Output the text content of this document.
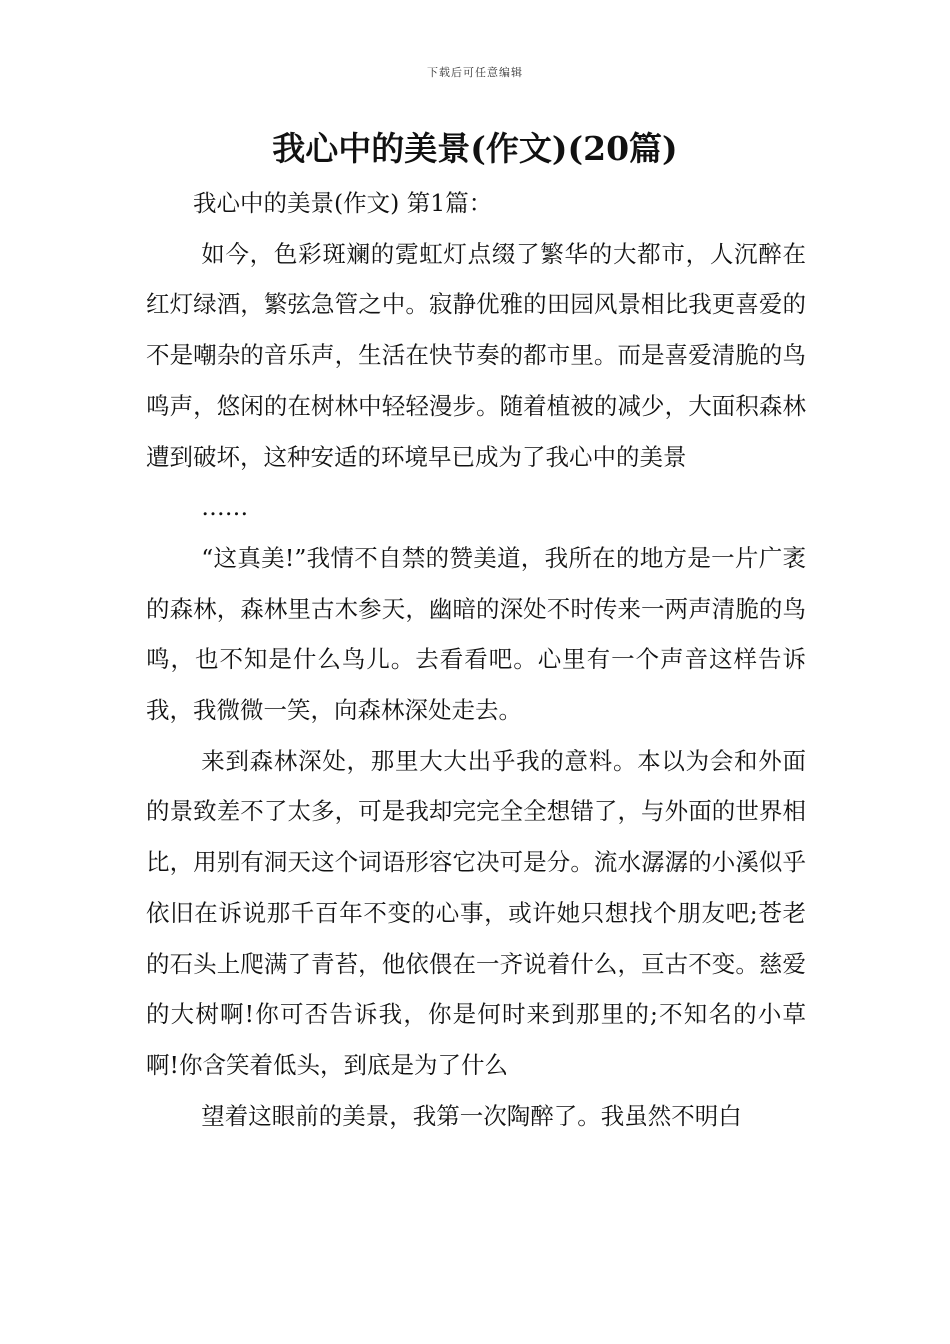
下载后可任意编辑
我心中的美景(作文)(20篇)

我心中的美景(作文) 第1篇：

如今，色彩斑斓的霓虹灯点缀了繁华的大都市，人沉醉在红灯绿酒，繁弦急管之中。寂静优雅的田园风景相比我更喜爱的不是嘲杂的音乐声，生活在快节奏的都市里。而是喜爱清脆的鸟鸣声，悠闲的在树林中轻轻漫步。随着植被的减少，大面积森林遭到破坏，这种安适的环境早已成为了我心中的美景

……

“这真美!”我情不自禁的赞美道，我所在的地方是一片广袤的森林，森林里古木参天，幽暗的深处不时传来一两声清脆的鸟鸣，也不知是什么鸟儿。去看看吧。心里有一个声音这样告诉我，我微微一笑，向森林深处走去。

来到森林深处，那里大大出乎我的意料。本以为会和外面的景致差不了太多，可是我却完完全全想错了，与外面的世界相比，用别有洞天这个词语形容它决可是分。流水潺潺的小溪似乎依旧在诉说那千百年不变的心事，或许她只想找个朋友吧;苍老的石头上爬满了青苔，他依偎在一齐说着什么，亘古不变。慈爱的大树啊!你可否告诉我，你是何时来到那里的;不知名的小草啊!你含笑着低头，到底是为了什么

望着这眼前的美景，我第一次陶醉了。我虽然不明白
